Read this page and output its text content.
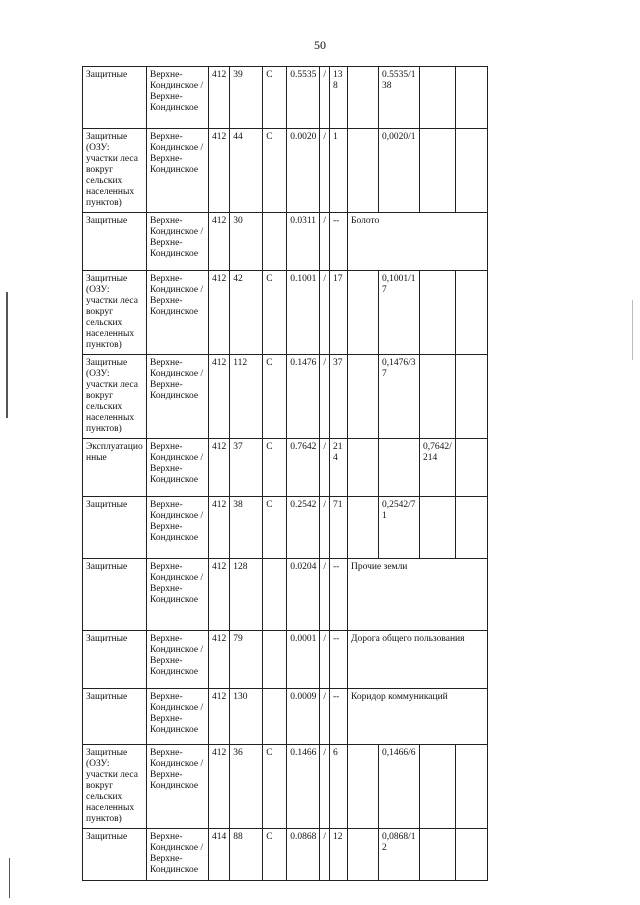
50
Защитные	Верхне-Кондинское / Верхне-Кондинское	412	39	С	0.5535	/	13 8		0.5535/1 38		
Защитные (ОЗУ: участки леса вокруг сельских населенных пунктов)	Верхне-Кондинское / Верхне-Кондинское	412	44	С	0.0020	/	1		0,0020/1		
Защитные	Верхне-Кондинское / Верхне-Кондинское	412	30		0.0311	/	--	Болото			
Защитные (ОЗУ: участки леса вокруг сельских населенных пунктов)	Верхне-Кондинское / Верхне-Кондинское	412	42	С	0.1001	/	17		0,1001/1 7		
Защитные (ОЗУ: участки леса вокруг сельских населенных пунктов)	Верхне-Кондинское / Верхне-Кондинское	412	112	С	0.1476	/	37		0,1476/3 7		
Эксплуатацио нные	Верхне-Кондинское / Верхне-Кондинское	412	37	С	0.7642	/	21 4			0,7642/ 214	
Защитные	Верхне-Кондинское / Верхне-Кондинское	412	38	С	0.2542	/	71		0,2542/7 1		
Защитные	Верхне-Кондинское / Верхне-Кондинское	412	128		0.0204	/	--	Прочие земли			
Защитные	Верхне-Кондинское / Верхне-Кондинское	412	79		0.0001	/	--	Дорога общего пользования			
Защитные	Верхне-Кондинское / Верхне-Кондинское	412	130		0.0009	/	--	Коридор коммуникаций			
Защитные (ОЗУ: участки леса вокруг сельских населенных пунктов)	Верхне-Кондинское / Верхне-Кондинское	412	36	С	0.1466	/	6		0,1466/6		
Защитные	Верхне-Кондинское / Верхне-Кондинское	414	88	С	0.0868	/	12		0,0868/1 2		
